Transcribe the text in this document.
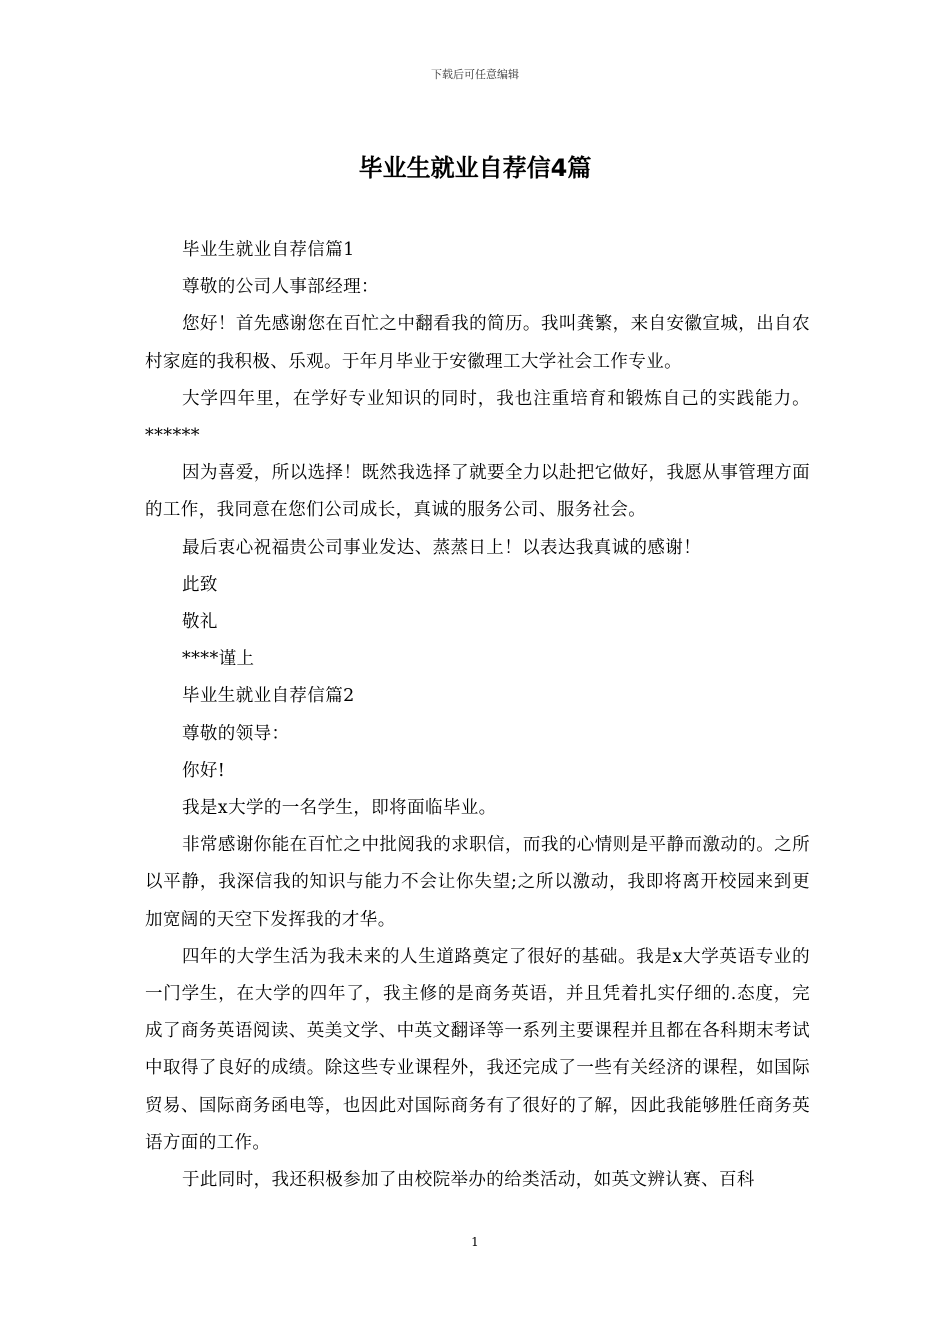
下载后可任意编辑
毕业生就业自荐信4篇

毕业生就业自荐信篇1

尊敬的公司人事部经理：

您好！首先感谢您在百忙之中翻看我的简历。我叫龚繁，来自安徽宣城，出自农村家庭的我积极、乐观。于年月毕业于安徽理工大学社会工作专业。

大学四年里，在学好专业知识的同时，我也注重培育和锻炼自己的实践能力。******

因为喜爱，所以选择！既然我选择了就要全力以赴把它做好，我愿从事管理方面的工作，我同意在您们公司成长，真诚的服务公司、服务社会。

最后衷心祝福贵公司事业发达、蒸蒸日上！以表达我真诚的感谢！

此致

敬礼

****谨上

毕业生就业自荐信篇2

尊敬的领导：

你好!

我是x大学的一名学生，即将面临毕业。

非常感谢你能在百忙之中批阅我的求职信，而我的心情则是平静而激动的。之所以平静，我深信我的知识与能力不会让你失望;之所以激动，我即将离开校园来到更加宽阔的天空下发挥我的才华。

四年的大学生活为我未来的人生道路奠定了很好的基础。我是x大学英语专业的一门学生，在大学的四年了，我主修的是商务英语，并且凭着扎实仔细的.态度，完成了商务英语阅读、英美文学、中英文翻译等一系列主要课程并且都在各科期末考试中取得了良好的成绩。除这些专业课程外，我还完成了一些有关经济的课程，如国际贸易、国际商务函电等，也因此对国际商务有了很好的了解，因此我能够胜任商务英语方面的工作。

于此同时，我还积极参加了由校院举办的给类活动，如英文辨认赛、百科

1
